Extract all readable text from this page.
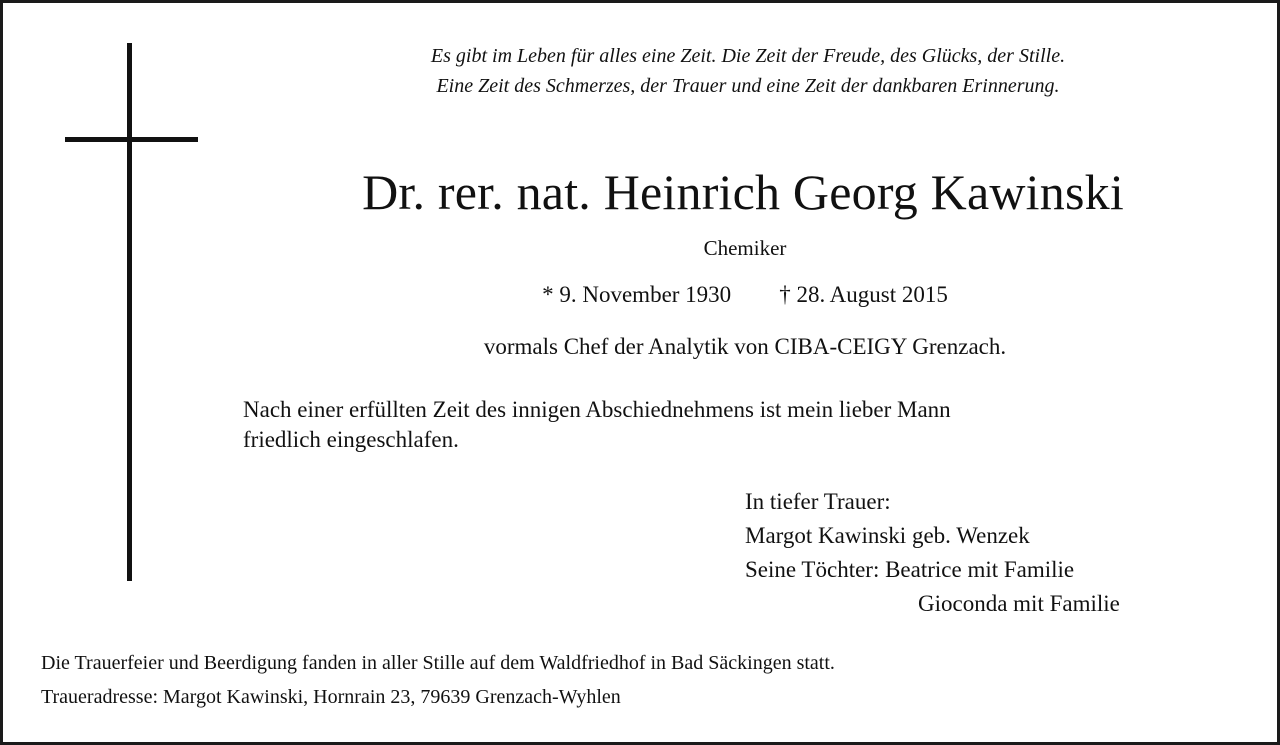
Es gibt im Leben für alles eine Zeit. Die Zeit der Freude, des Glücks, der Stille.
Eine Zeit des Schmerzes, der Trauer und eine Zeit der dankbaren Erinnerung.
Dr. rer. nat. Heinrich Georg Kawinski
Chemiker
* 9. November 1930 † 28. August 2015
vormals Chef der Analytik von CIBA-CEIGY Grenzach.
Nach einer erfüllten Zeit des innigen Abschiednehmens ist mein lieber Mann
friedlich eingeschlafen.
In tiefer Trauer:
Margot Kawinski geb. Wenzek
Seine Töchter: Beatrice mit Familie
Gioconda mit Familie
Die Trauerfeier und Beerdigung fanden in aller Stille auf dem Waldfriedhof in Bad Säckingen statt.
Traueradresse: Margot Kawinski, Hornrain 23, 79639 Grenzach-Wyhlen
